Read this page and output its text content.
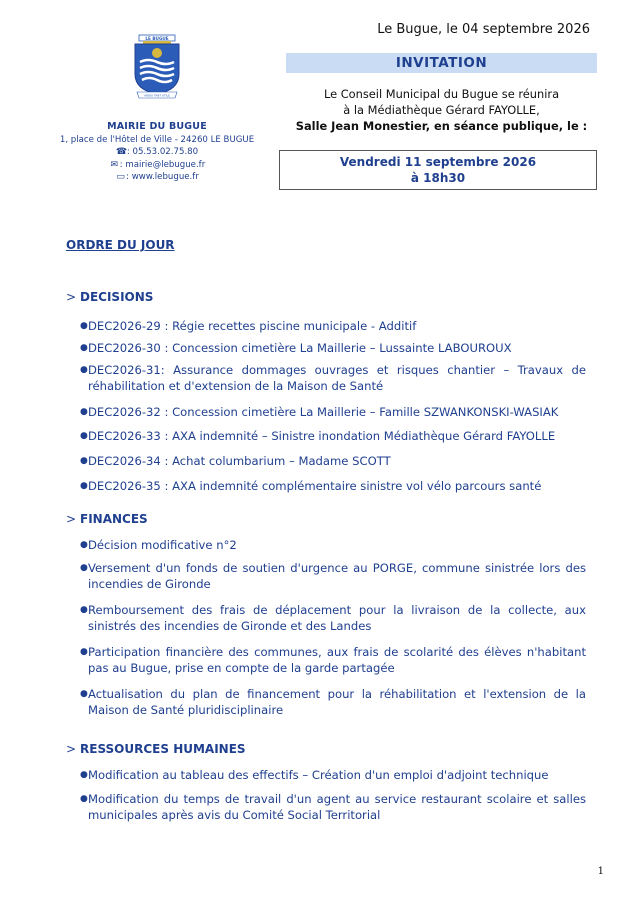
Le Bugue, le 04 septembre 2026
LE BUGUE
ARDUI TANT UTILE
MAIRIE DU BUGUE
1, place de l'Hôtel de Ville - 24260 LE BUGUE
☎: 05.53.02.75.80
✉ : mairie@lebugue.fr
▭: www.lebugue.fr
INVITATION
Le Conseil Municipal du Bugue se réunira
à la Médiathèque Gérard FAYOLLE,
Salle Jean Monestier, en séance publique, le :
Vendredi 11 septembre 2026
à 18h30
ORDRE DU JOUR
> DECISIONS
● DEC2026-29 : Régie recettes piscine municipale - Additif
● DEC2026-30 : Concession cimetière La Maillerie – Lussainte LABOUROUX
● DEC2026-31: Assurance dommages ouvrages et risques chantier – Travaux de réhabilitation et d'extension de la Maison de Santé
● DEC2026-32 : Concession cimetière La Maillerie – Famille SZWANKONSKI-WASIAK
● DEC2026-33 : AXA indemnité – Sinistre inondation Médiathèque Gérard FAYOLLE
● DEC2026-34 : Achat columbarium – Madame SCOTT
● DEC2026-35 : AXA indemnité complémentaire sinistre vol vélo parcours santé
> FINANCES
● Décision modificative n°2
● Versement d'un fonds de soutien d'urgence au PORGE, commune sinistrée lors des incendies de Gironde
● Remboursement des frais de déplacement pour la livraison de la collecte, aux sinistrés des incendies de Gironde et des Landes
● Participation financière des communes, aux frais de scolarité des élèves n'habitant pas au Bugue, prise en compte de la garde partagée
● Actualisation du plan de financement pour la réhabilitation et l'extension de la Maison de Santé pluridisciplinaire
> RESSOURCES HUMAINES
● Modification au tableau des effectifs – Création d'un emploi d'adjoint technique
● Modification du temps de travail d'un agent au service restaurant scolaire et salles municipales après avis du Comité Social Territorial
1
